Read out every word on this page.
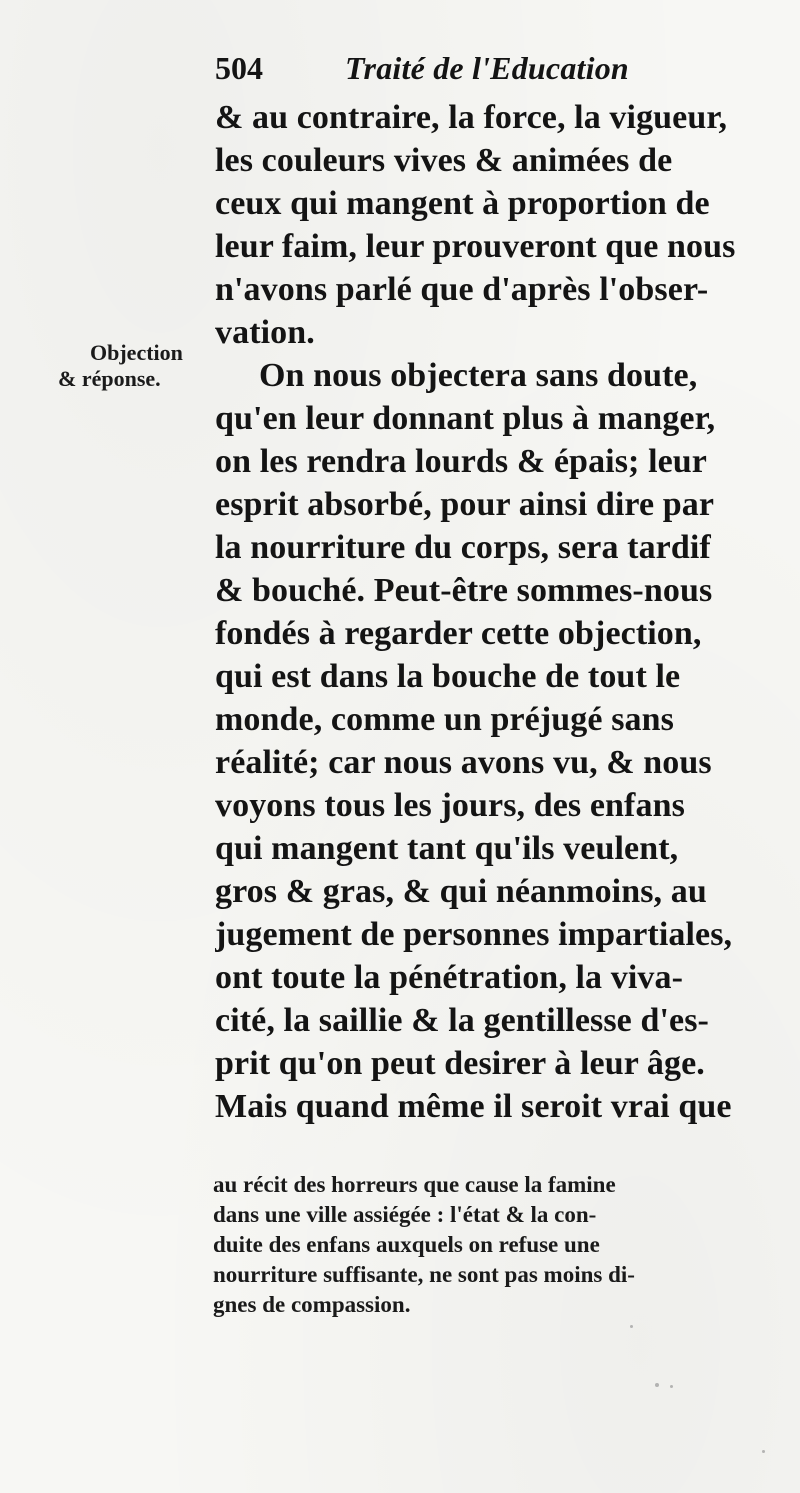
504	Traité de l'Education
Objection
& réponse.
& au contraire, la force, la vigueur,
les couleurs vives & animées de
ceux qui mangent à proportion de
leur faim, leur prouveront que nous
n'avons parlé que d'après l'obser-
vation.
On nous objectera sans doute,
qu'en leur donnant plus à manger,
on les rendra lourds & épais; leur
esprit absorbé, pour ainsi dire par
la nourriture du corps, sera tardif
& bouché. Peut-être sommes-nous
fondés à regarder cette objection,
qui est dans la bouche de tout le
monde, comme un préjugé sans
réalité; car nous avons vu, & nous
voyons tous les jours, des enfans
qui mangent tant qu'ils veulent,
gros & gras, & qui néanmoins, au
jugement de personnes impartiales,
ont toute la pénétration, la viva-
cité, la saillie & la gentillesse d'es-
prit qu'on peut desirer à leur âge.
Mais quand même il seroit vrai que
au récit des horreurs que cause la famine
dans une ville assiégée : l'état & la con-
duite des enfans auxquels on refuse une
nourriture suffisante, ne sont pas moins di-
gnes de compassion.
